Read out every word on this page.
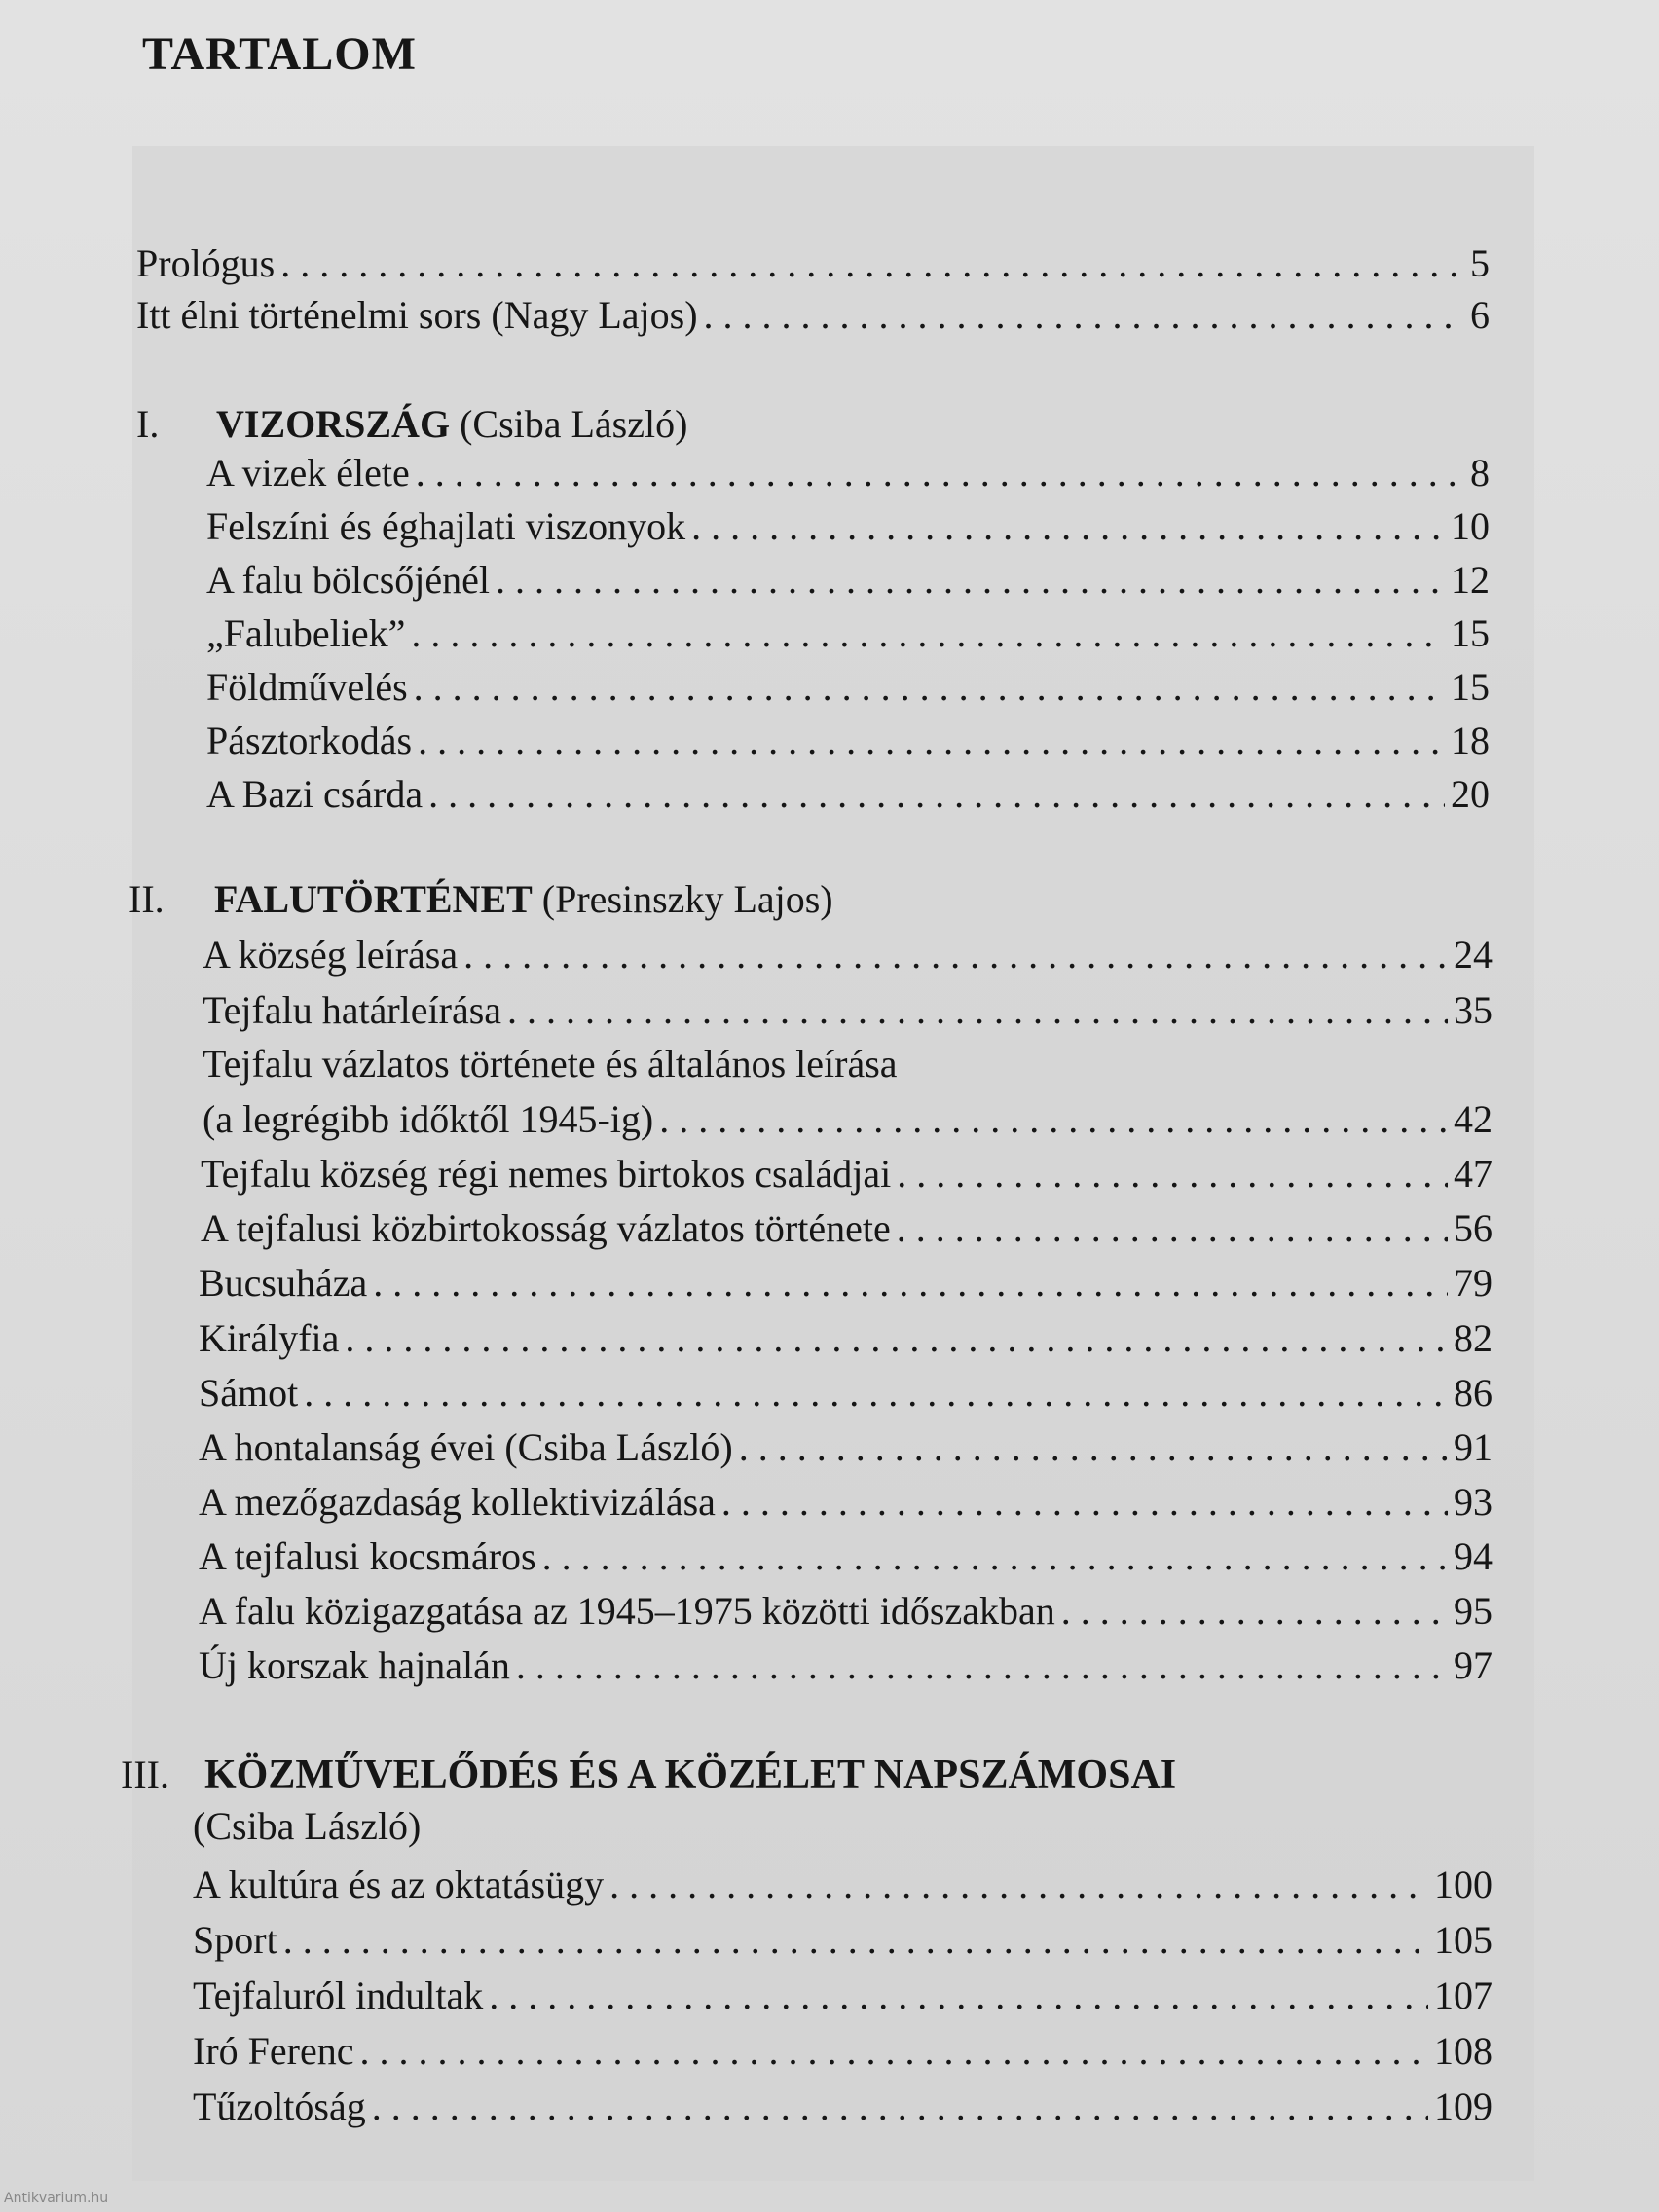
TARTALOM
Prológus . . .	5
Itt élni történelmi sors (Nagy Lajos) . . .	6
I. VIZORSZÁG (Csiba László)
A vizek élete . . .	8
Felszíni és éghajlati viszonyok . . .	10
A falu bölcsőjénél . . .	12
„Falubeliek” . . .	15
Földművelés . . .	15
Pásztorkodás . . .	18
A Bazi csárda . . .	20
II. FALUTÖRTÉNET (Presinszky Lajos)
A község leírása . . .	24
Tejfalu határleírása . . .	35
Tejfalu vázlatos története és általános leírása
(a legrégibb időktől 1945-ig) . . .	42
Tejfalu község régi nemes birtokos családjai . . .	47
A tejfalusi közbirtokosság vázlatos története . . .	56
Bucsuháza . . .	79
Királyfia . . .	82
Sámot . . .	86
A hontalanság évei (Csiba László) . . .	91
A mezőgazdaság kollektivizálása . . .	93
A tejfalusi kocsmáros . . .	94
A falu közigazgatása az 1945–1975 közötti időszakban . . .	95
Új korszak hajnalán . . .	97
III. KÖZMŰVELŐDÉS ÉS A KÖZÉLET NAPSZÁMOSAI
(Csiba László)
A kultúra és az oktatásügy . . .	100
Sport . . .	105
Tejfaluról indultak . . .	107
Iró Ferenc . . .	108
Tűzoltóság . . .	109
Antikvarium.hu
